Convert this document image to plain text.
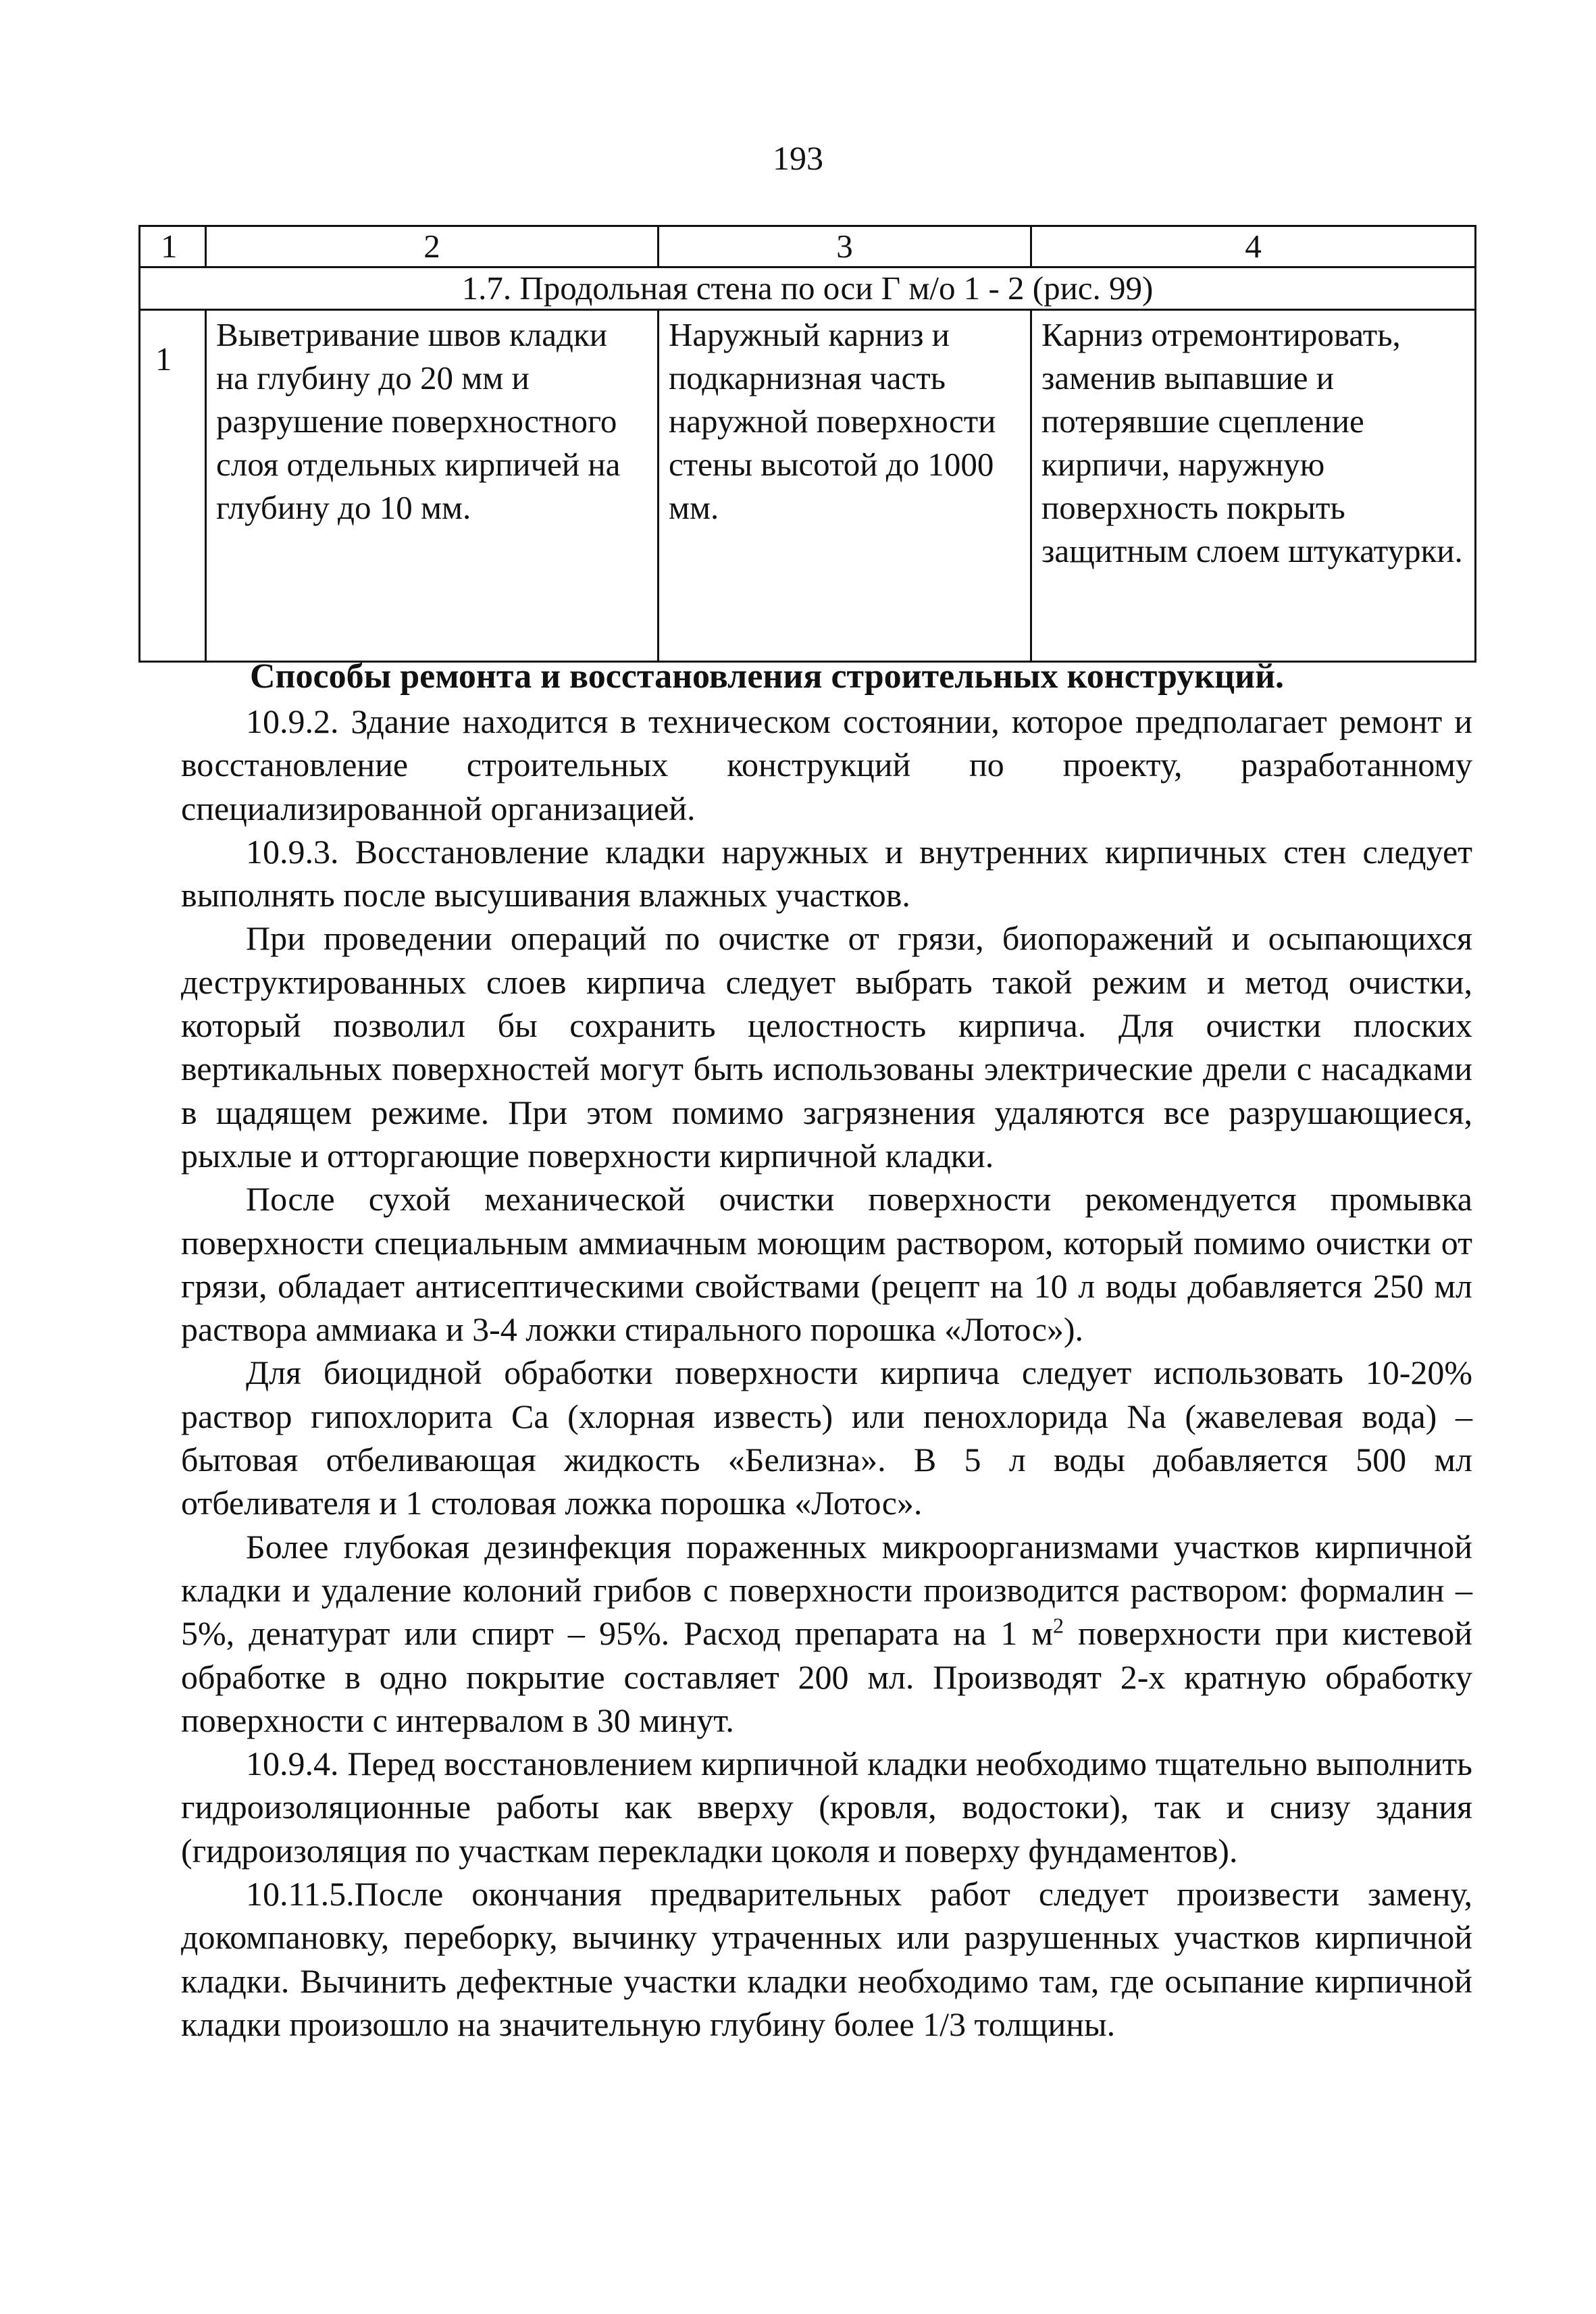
193
1	2	3	4
1.7. Продольная стена по оси Г м/о 1 - 2 (рис. 99)			
1	Выветривание швов кладки на глубину до 20 мм и разрушение поверхностного слоя отдельных кирпичей на глубину до 10 мм.	Наружный карниз и подкарнизная часть наружной поверхности стены высотой до 1000 мм.	Карниз отремонтировать, заменив выпавшие и потерявшие сцепление кирпичи, наружную поверхность покрыть защитным слоем штукатурки.
Способы ремонта и восстановления строительных конструкций.

10.9.2. Здание находится в техническом состоянии, которое предполагает ремонт и восстановление строительных конструкций по проекту, разработанному специализированной организацией.

10.9.3. Восстановление кладки наружных и внутренних кирпичных стен следует выполнять после высушивания влажных участков.

При проведении операций по очистке от грязи, биопоражений и осыпающихся деструктированных слоев кирпича следует выбрать такой режим и метод очистки, который позволил бы сохранить целостность кирпича. Для очистки плоских вертикальных поверхностей могут быть использованы электрические дрели с насадками в щадящем режиме. При этом помимо загрязнения удаляются все разрушающиеся, рыхлые и отторгающие поверхности кирпичной кладки.

После сухой механической очистки поверхности рекомендуется промывка поверхности специальным аммиачным моющим раствором, который помимо очистки от грязи, обладает антисептическими свойствами (рецепт на 10 л воды добавляется 250 мл раствора аммиака и 3-4 ложки стирального порошка «Лотос»).

Для биоцидной обработки поверхности кирпича следует использовать 10-20% раствор гипохлорита Са (хлорная известь) или пенохлорида Na (жавелевая вода) – бытовая отбеливающая жидкость «Белизна». В 5 л воды добавляется 500 мл отбеливателя и 1 столовая ложка порошка «Лотос».

Более глубокая дезинфекция пораженных микроорганизмами участков кирпичной кладки и удаление колоний грибов с поверхности производится раствором: формалин – 5%, денатурат или спирт – 95%. Расход препарата на 1 $м^2$ поверхности при кистевой обработке в одно покрытие составляет 200 мл. Производят 2-х кратную обработку поверхности с интервалом в 30 минут.

10.9.4. Перед восстановлением кирпичной кладки необходимо тщательно выполнить гидроизоляционные работы как вверху (кровля, водостоки), так и снизу здания (гидроизоляция по участкам перекладки цоколя и поверху фундаментов).

10.11.5.После окончания предварительных работ следует произвести замену, докомпановку, переборку, вычинку утраченных или разрушенных участков кирпичной кладки. Вычинить дефектные участки кладки необходимо там, где осыпание кирпичной кладки произошло на значительную глубину более 1/3 толщины.
